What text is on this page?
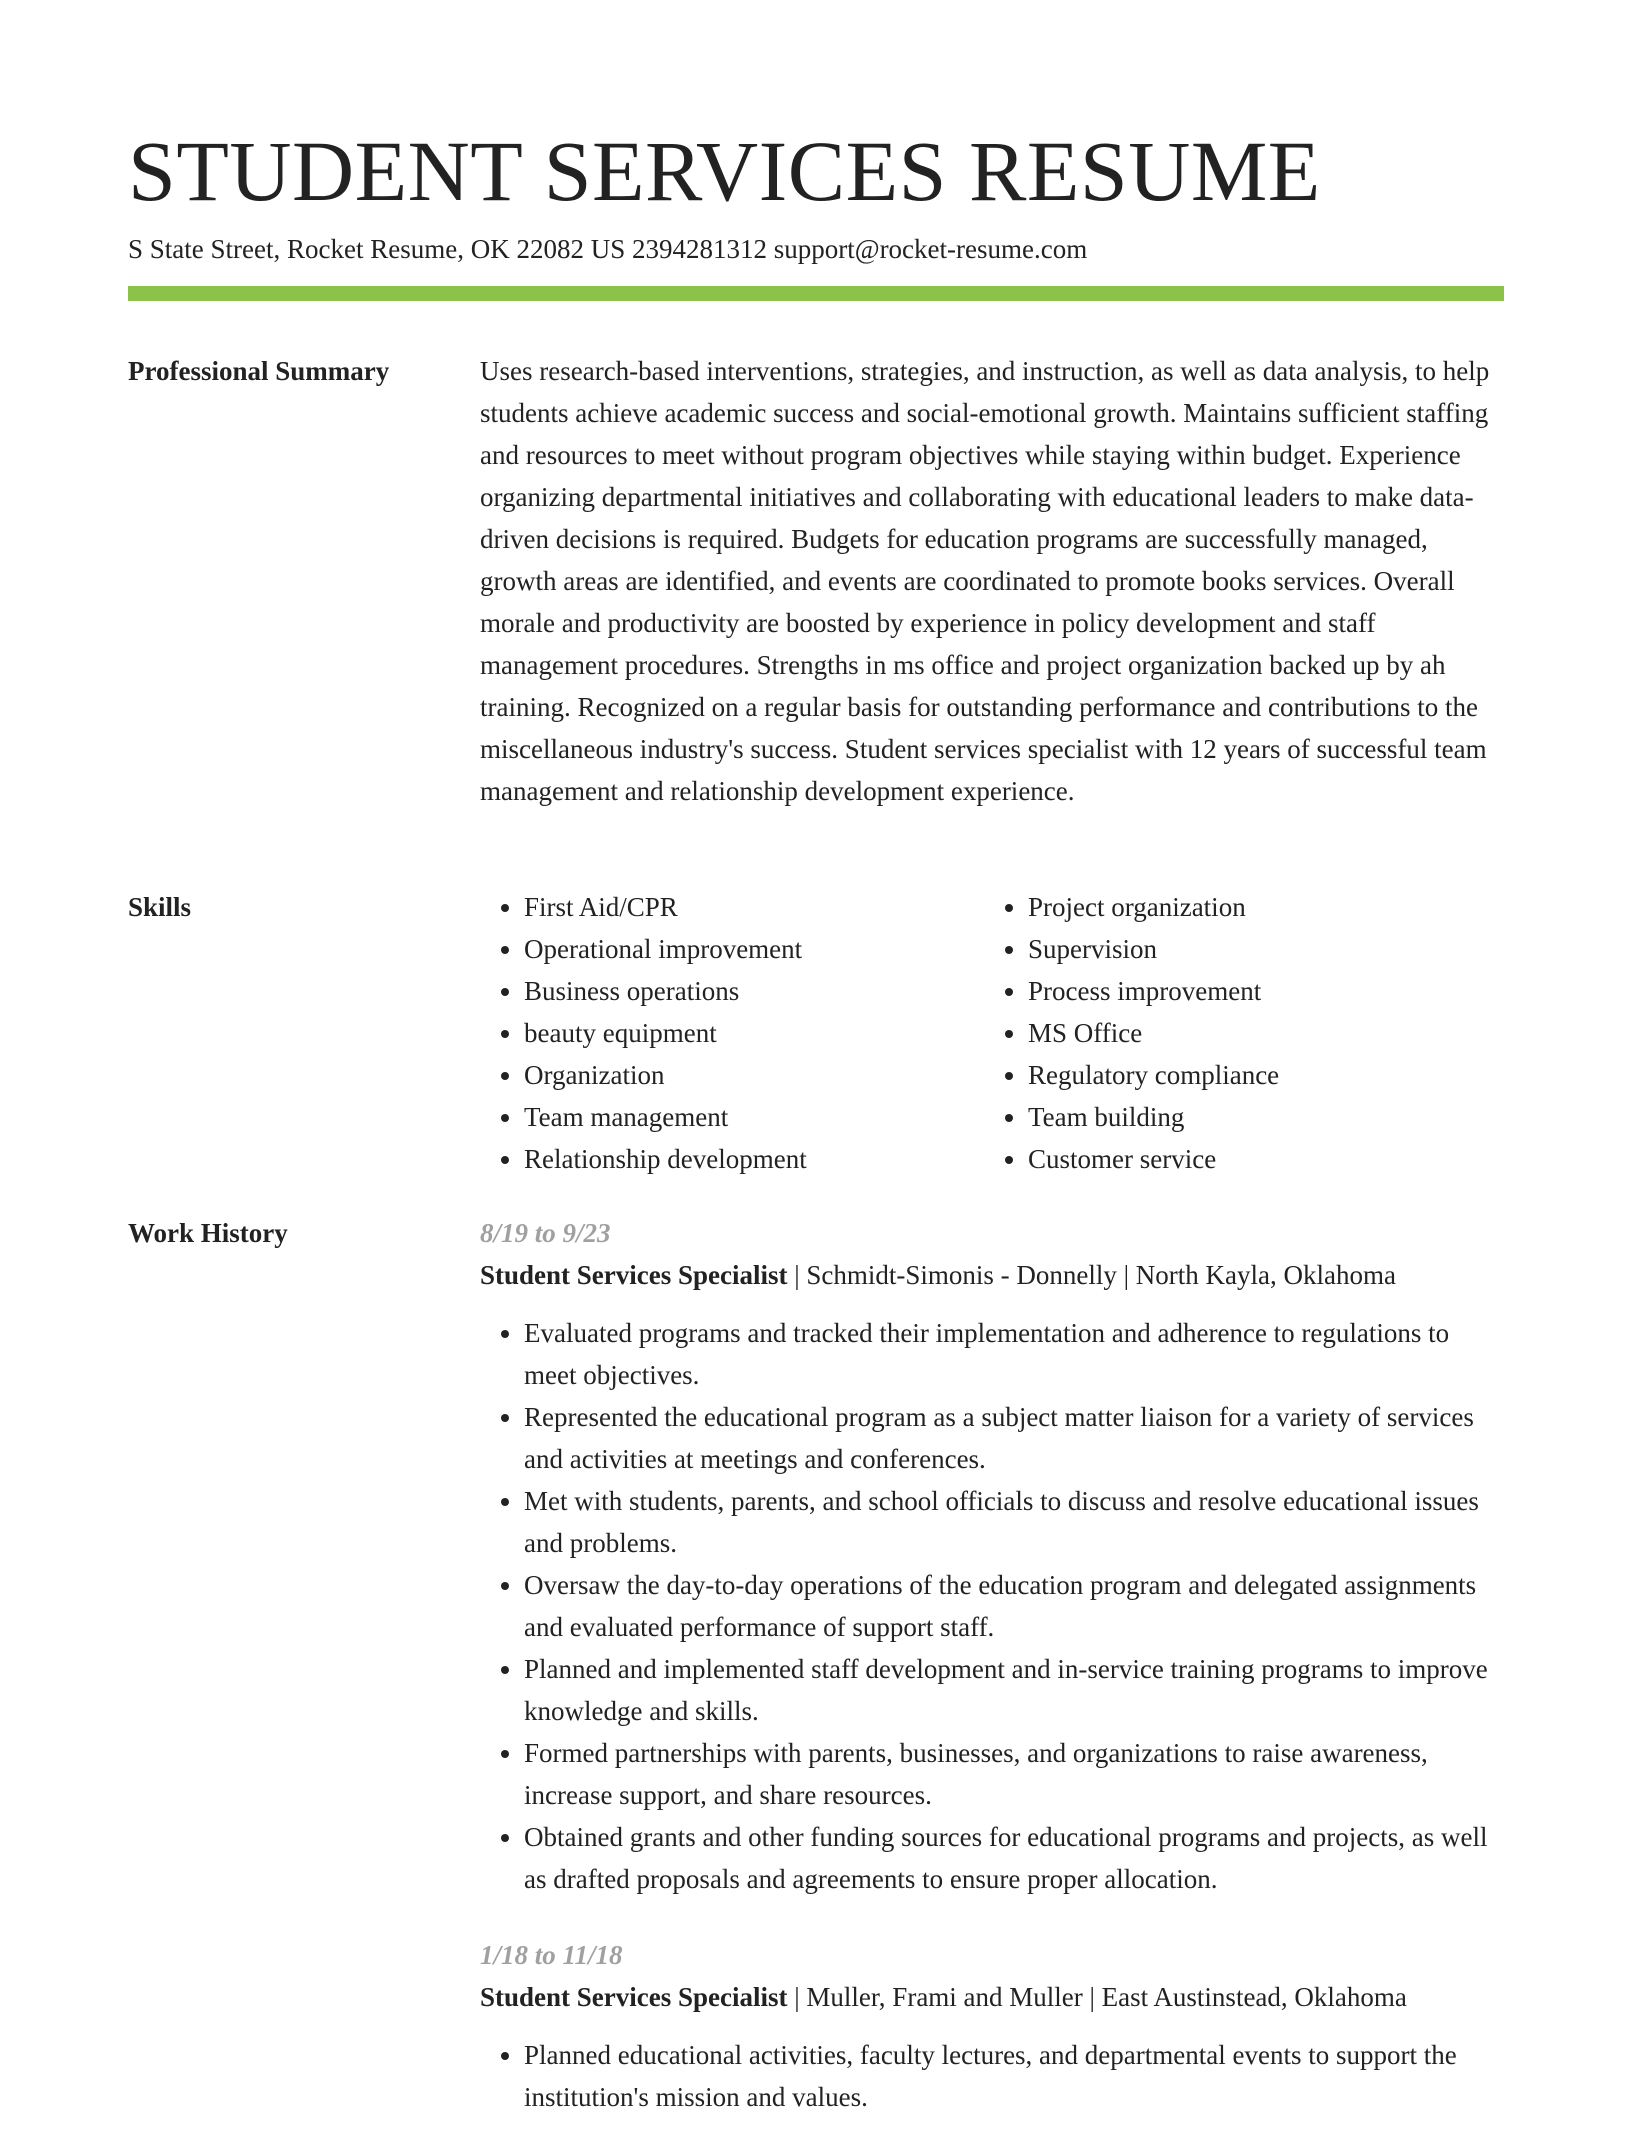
STUDENT SERVICES RESUME
S State Street, Rocket Resume, OK 22082 US 2394281312 support@rocket-resume.com
Professional Summary	Uses research-based interventions, strategies, and instruction, as well as data analysis, to help students achieve academic success and social-emotional growth. Maintains sufficient staffing and resources to meet without program objectives while staying within budget. Experience organizing departmental initiatives and collaborating with educational leaders to make data-driven decisions is required. Budgets for education programs are successfully managed, growth areas are identified, and events are coordinated to promote books services. Overall morale and productivity are boosted by experience in policy development and staff management procedures. Strengths in ms office and project organization backed up by ah training. Recognized on a regular basis for outstanding performance and contributions to the miscellaneous industry's success. Student services specialist with 12 years of successful team management and relationship development experience.

Skills
•	First Aid/CPR
• Operational improvement
• Business operations
• beauty equipment
• Organization
• Team management
• Relationship development
• Project organization
• Supervision
• Process improvement
• MS Office
• Regulatory compliance
• Team building
• Customer service
Work History	8/19 to 9/23
Student Services Specialist | Schmidt-Simonis - Donnelly | North Kayla, Oklahoma
• Evaluated programs and tracked their implementation and adherence to regulations to meet objectives.
• Represented the educational program as a subject matter liaison for a variety of services and activities at meetings and conferences.
• Met with students, parents, and school officials to discuss and resolve educational issues and problems.
• Oversaw the day-to-day operations of the education program and delegated assignments and evaluated performance of support staff.
• Planned and implemented staff development and in-service training programs to improve knowledge and skills.
• Formed partnerships with parents, businesses, and organizations to raise awareness, increase support, and share resources.
• Obtained grants and other funding sources for educational programs and projects, as well as drafted proposals and agreements to ensure proper allocation.
1/18 to 11/18
Student Services Specialist | Muller, Frami and Muller | East Austinstead, Oklahoma
• Planned educational activities, faculty lectures, and departmental events to support the institution's mission and values.
